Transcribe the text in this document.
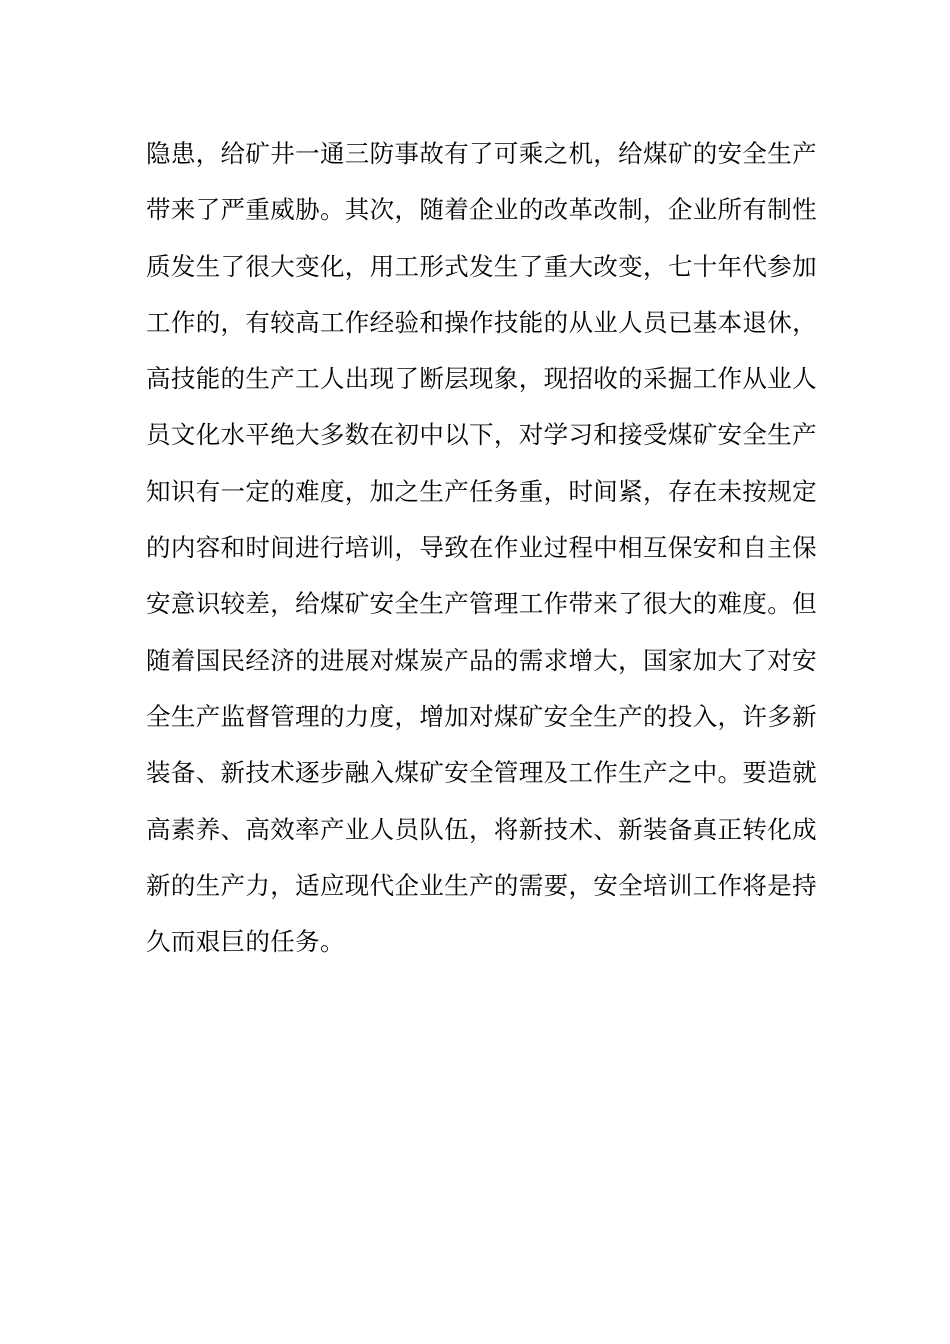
隐患，给矿井一通三防事故有了可乘之机，给煤矿的安全生产
带来了严重威胁。其次，随着企业的改革改制，企业所有制性
质发生了很大变化，用工形式发生了重大改变，七十年代参加
工作的，有较高工作经验和操作技能的从业人员已基本退休，
高技能的生产工人出现了断层现象，现招收的采掘工作从业人
员文化水平绝大多数在初中以下，对学习和接受煤矿安全生产
知识有一定的难度，加之生产任务重，时间紧，存在未按规定
的内容和时间进行培训，导致在作业过程中相互保安和自主保
安意识较差，给煤矿安全生产管理工作带来了很大的难度。但
随着国民经济的进展对煤炭产品的需求增大，国家加大了对安
全生产监督管理的力度，增加对煤矿安全生产的投入，许多新
装备、新技术逐步融入煤矿安全管理及工作生产之中。要造就
高素养、高效率产业人员队伍，将新技术、新装备真正转化成
新的生产力，适应现代企业生产的需要，安全培训工作将是持
久而艰巨的任务。
